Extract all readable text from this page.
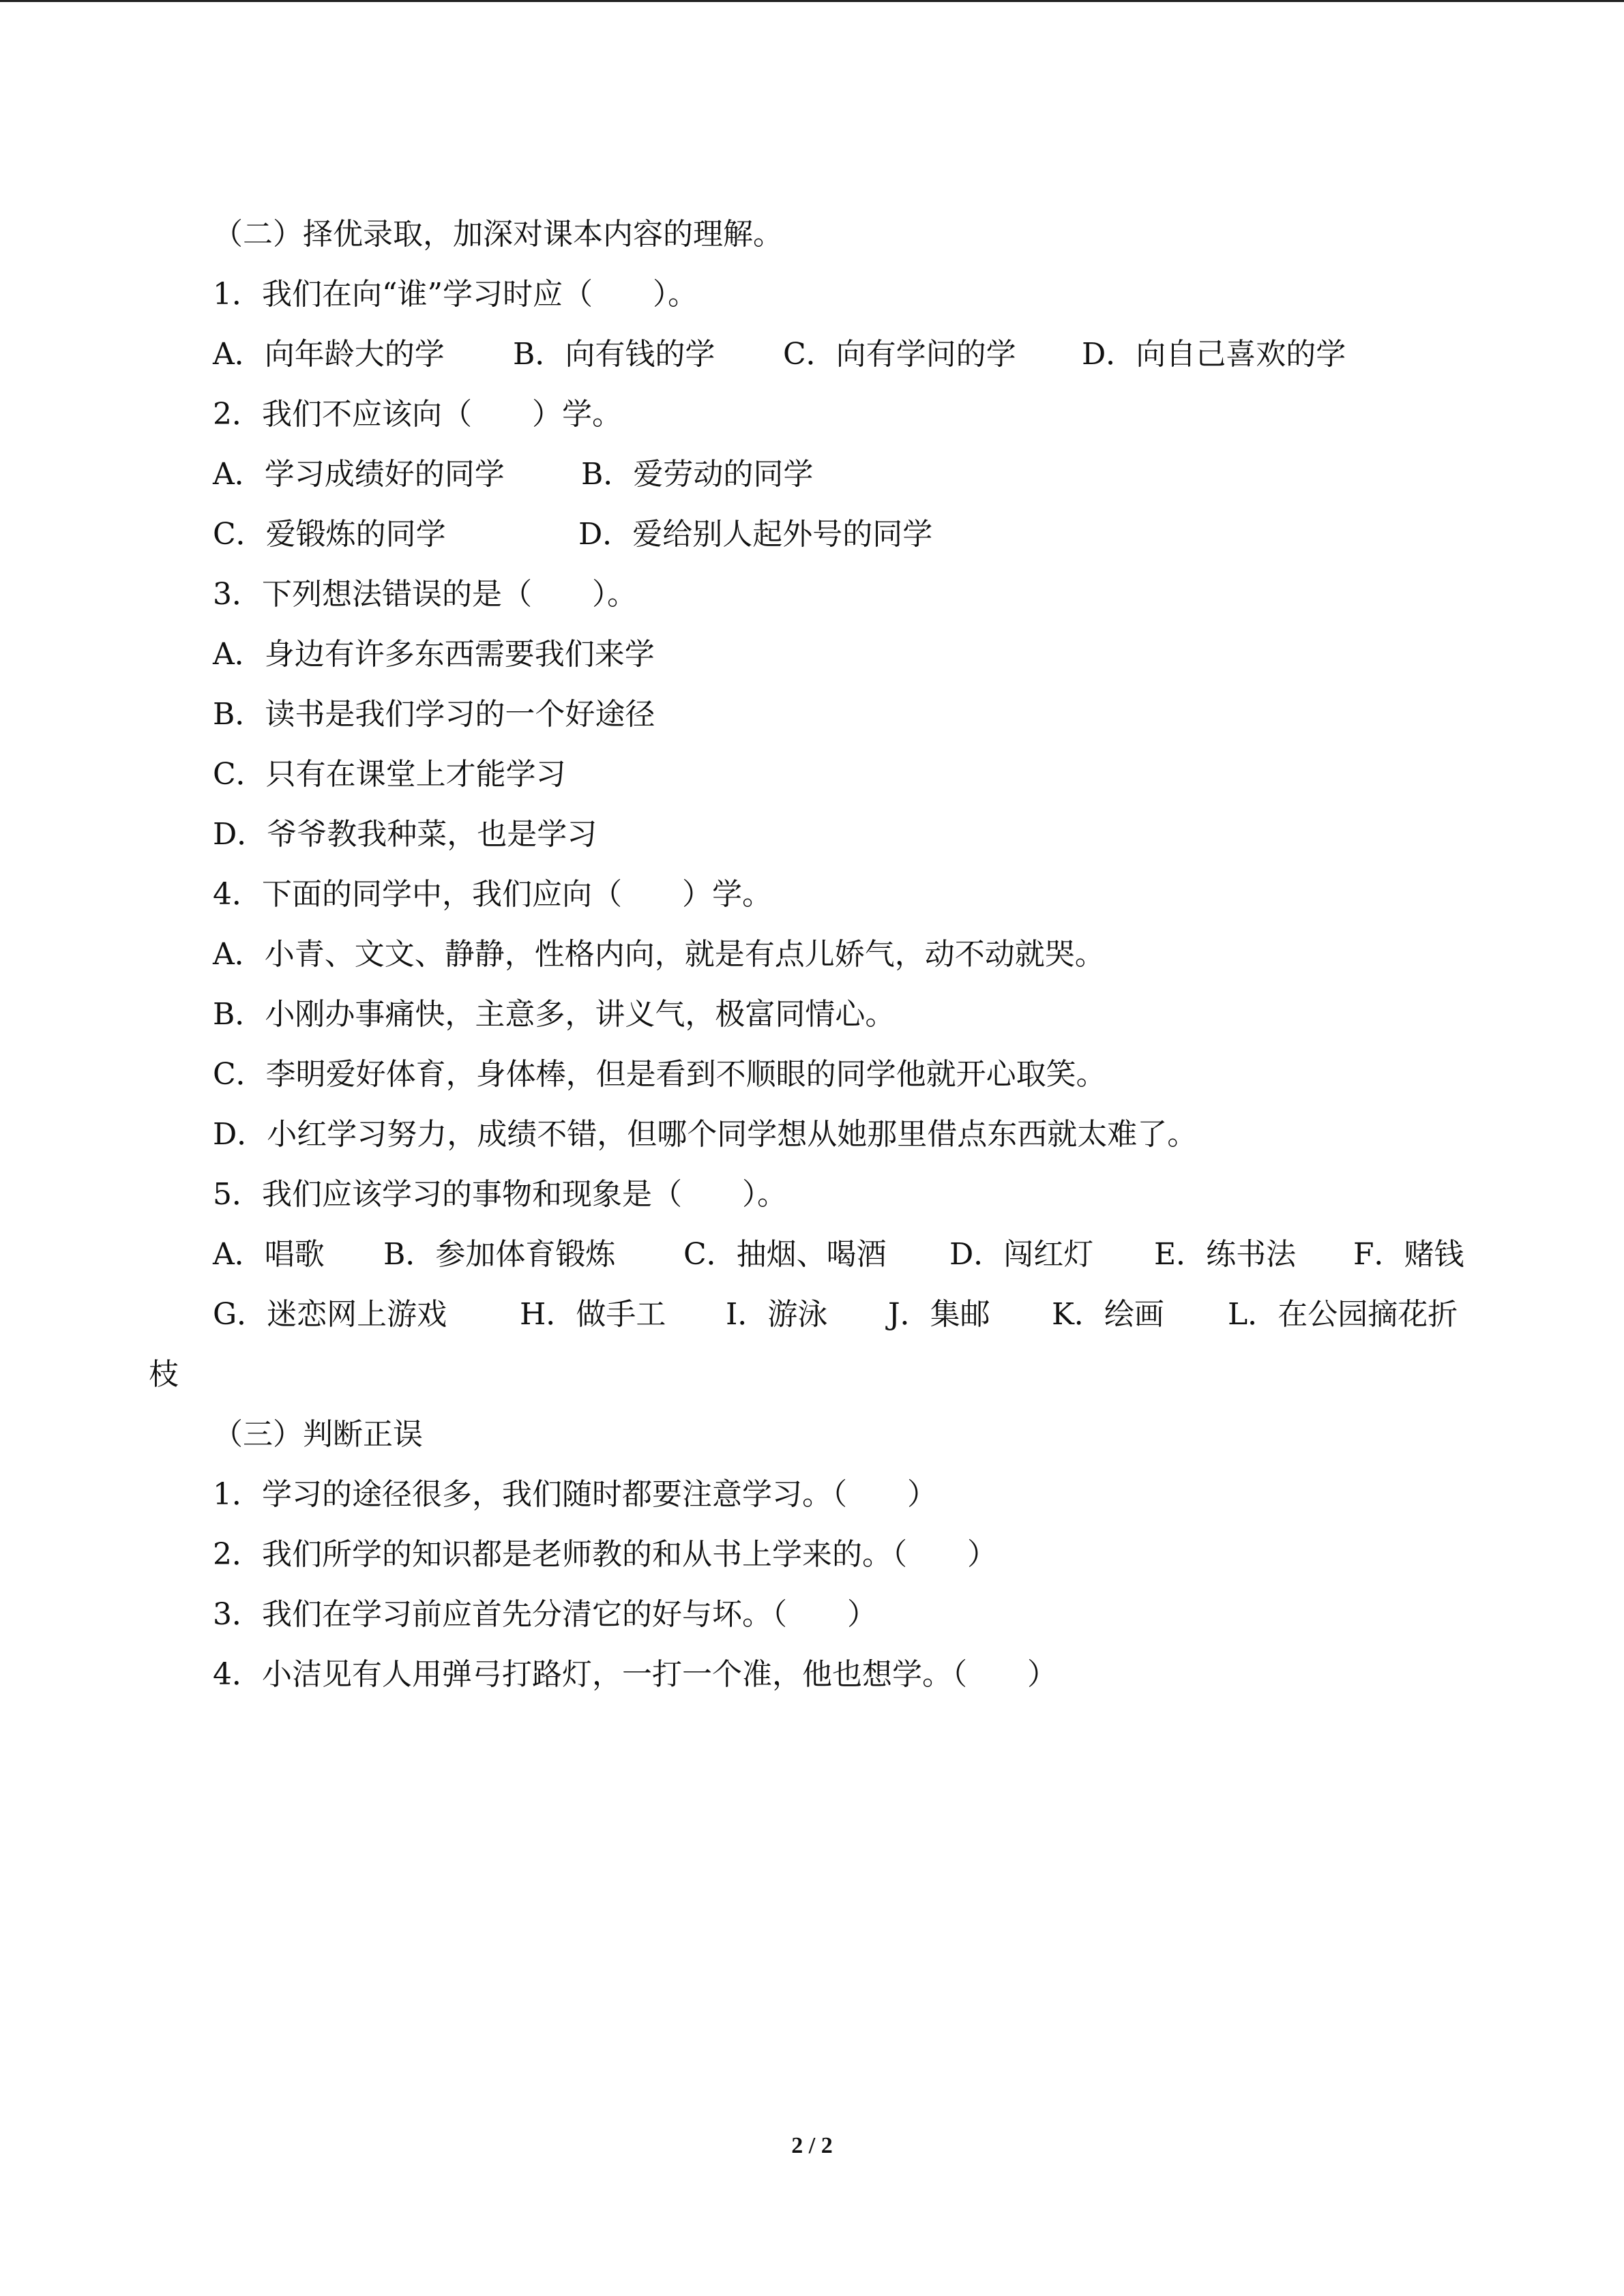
（二）择优录取，加深对课本内容的理解。
1．我们在向“谁”学习时应（　　）。
A．向年龄大的学 B．向有钱的学 C．向有学问的学 D．向自己喜欢的学
2．我们不应该向（　　）学。
A．学习成绩好的同学	B．爱劳动的同学
C．爱锻炼的同学	D．爱给别人起外号的同学
3．下列想法错误的是（　　）。
A．身边有许多东西需要我们来学
B．读书是我们学习的一个好途径
C．只有在课堂上才能学习
D．爷爷教我种菜，也是学习
4．下面的同学中，我们应向（　　）学。
A．小青、文文、静静，性格内向，就是有点儿娇气，动不动就哭。
B．小刚办事痛快，主意多，讲义气，极富同情心。
C．李明爱好体育，身体棒，但是看到不顺眼的同学他就开心取笑。
D．小红学习努力，成绩不错，但哪个同学想从她那里借点东西就太难了。
5．我们应该学习的事物和现象是（　　）。
A．唱歌 B．参加体育锻炼 C．抽烟、喝酒 D．闯红灯 E．练书法 F．赌钱
G．迷恋网上游戏 H．做手工 I．游泳 J．集邮 K．绘画 L．在公园摘花折
枝
（三）判断正误
1．学习的途径很多，我们随时都要注意学习。（　　）
2．我们所学的知识都是老师教的和从书上学来的。（　　）
3．我们在学习前应首先分清它的好与坏。（　　）
4．小洁见有人用弹弓打路灯，一打一个准，他也想学。（　　）
2 / 2
